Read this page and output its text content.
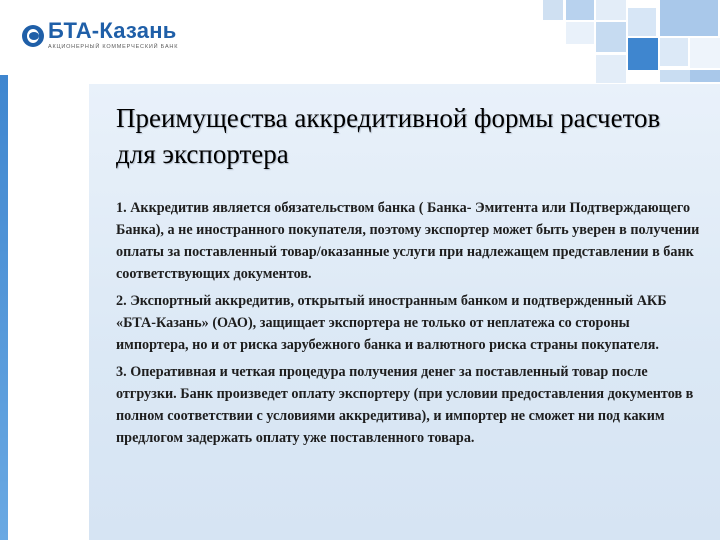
БТА-Казань
АКЦИОНЕРНЫЙ КОММЕРЧЕСКИЙ БАНК
Преимущества аккредитивной формы расчетов для экспортера

1. Аккредитив является обязательством банка ( Банка- Эмитента или Подтверждающего Банка), а не иностранного покупателя, поэтому экспортер может быть уверен в получении оплаты за поставленный товар/оказанные услуги при надлежащем представлении в банк соответствующих документов.

2. Экспортный аккредитив, открытый иностранным банком и подтвержденный АКБ «БТА-Казань» (ОАО), защищает экспортера не только от неплатежа со стороны импортера, но и от риска зарубежного банка и валютного риска страны покупателя.

3. Оперативная и четкая процедура получения денег за поставленный товар после отгрузки. Банк произведет оплату экспортеру (при условии предоставления документов в полном соответствии с условиями аккредитива), и импортер не сможет ни под каким предлогом задержать оплату уже поставленного товара.
